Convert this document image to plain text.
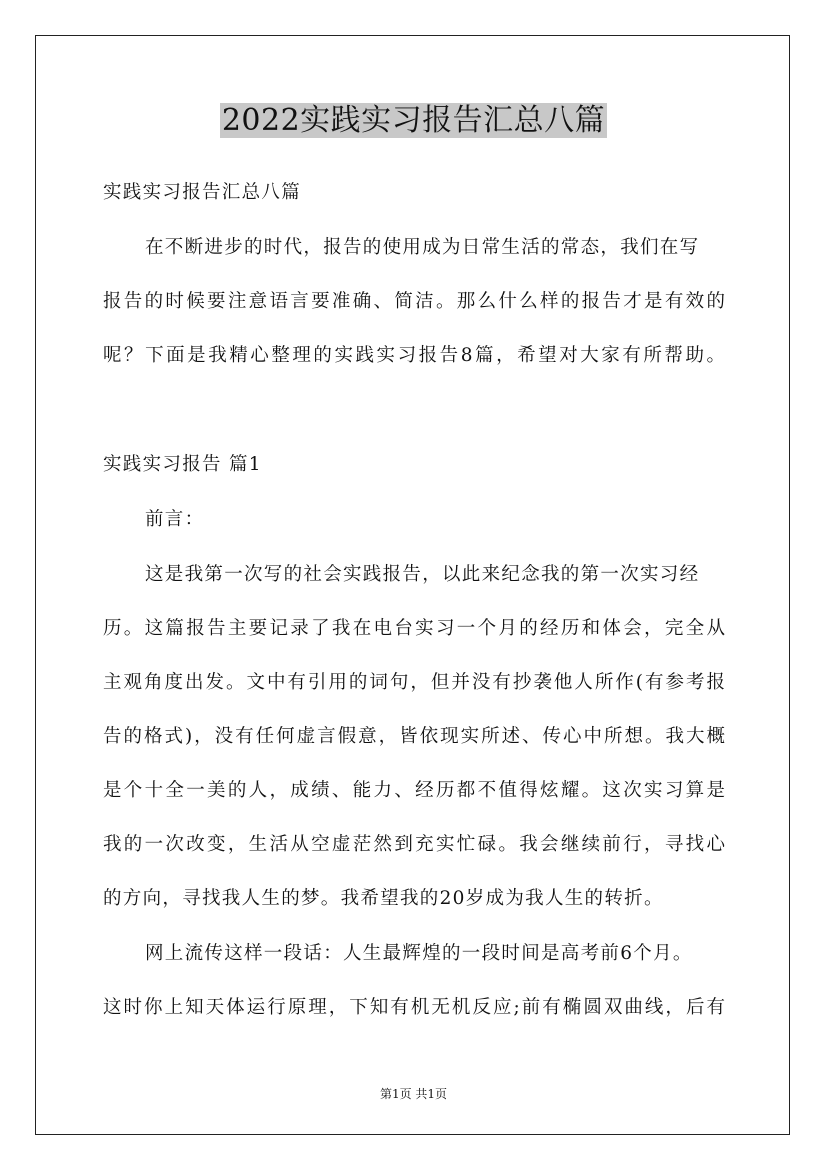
2022实践实习报告汇总八篇
实践实习报告汇总八篇
在不断进步的时代，报告的使用成为日常生活的常态，我们在写
报告的时候要注意语言要准确、简洁。那么什么样的报告才是有效的
呢？下面是我精心整理的实践实习报告8篇，希望对大家有所帮助。
实践实习报告 篇1
前言：
这是我第一次写的社会实践报告，以此来纪念我的第一次实习经
历。这篇报告主要记录了我在电台实习一个月的经历和体会，完全从
主观角度出发。文中有引用的词句，但并没有抄袭他人所作(有参考报
告的格式)，没有任何虚言假意，皆依现实所述、传心中所想。我大概
是个十全一美的人，成绩、能力、经历都不值得炫耀。这次实习算是
我的一次改变，生活从空虚茫然到充实忙碌。我会继续前行，寻找心
的方向，寻找我人生的梦。我希望我的20岁成为我人生的转折。
网上流传这样一段话：人生最辉煌的一段时间是高考前6个月。
这时你上知天体运行原理，下知有机无机反应;前有椭圆双曲线，后有
第1页 共1页
